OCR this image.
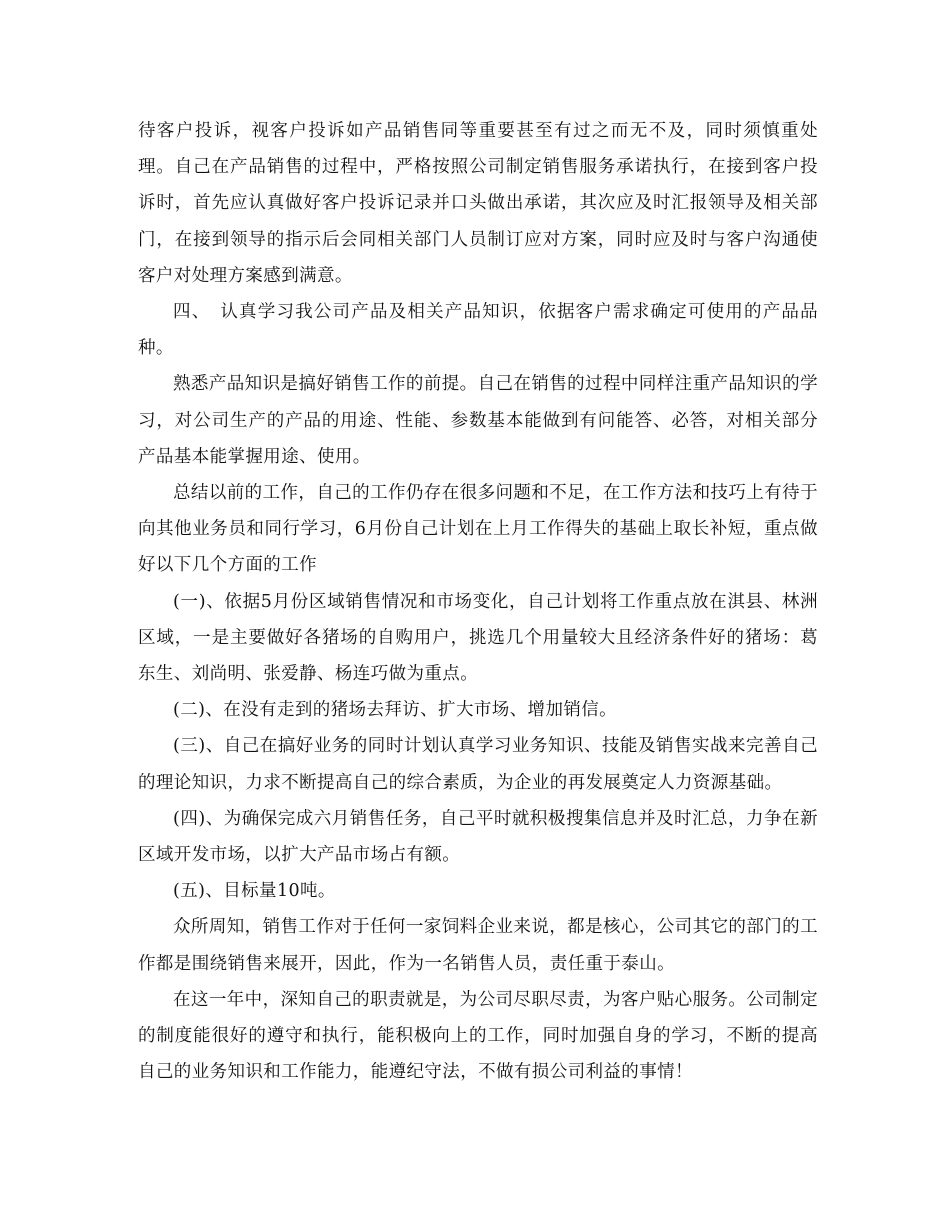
待客户投诉，视客户投诉如产品销售同等重要甚至有过之而无不及，同时须慎重处理。自己在产品销售的过程中，严格按照公司制定销售服务承诺执行，在接到客户投诉时，首先应认真做好客户投诉记录并口头做出承诺，其次应及时汇报领导及相关部门，在接到领导的指示后会同相关部门人员制订应对方案，同时应及时与客户沟通使客户对处理方案感到满意。

四、　认真学习我公司产品及相关产品知识，依据客户需求确定可使用的产品品种。

熟悉产品知识是搞好销售工作的前提。自己在销售的过程中同样注重产品知识的学习，对公司生产的产品的用途、性能、参数基本能做到有问能答、必答，对相关部分产品基本能掌握用途、使用。

总结以前的工作，自己的工作仍存在很多问题和不足，在工作方法和技巧上有待于向其他业务员和同行学习，6月份自己计划在上月工作得失的基础上取长补短，重点做好以下几个方面的工作

(一)、依据5月份区域销售情况和市场变化，自己计划将工作重点放在淇县、林洲区域，一是主要做好各猪场的自购用户，挑选几个用量较大且经济条件好的猪场：葛东生、刘尚明、张爱静、杨连巧做为重点。

(二)、在没有走到的猪场去拜访、扩大市场、增加销信。

(三)、自己在搞好业务的同时计划认真学习业务知识、技能及销售实战来完善自己的理论知识，力求不断提高自己的综合素质，为企业的再发展奠定人力资源基础。

(四)、为确保完成六月销售任务，自己平时就积极搜集信息并及时汇总，力争在新区域开发市场，以扩大产品市场占有额。

(五)、目标量10吨。

众所周知，销售工作对于任何一家饲料企业来说，都是核心，公司其它的部门的工作都是围绕销售来展开，因此，作为一名销售人员，责任重于泰山。

在这一年中，深知自己的职责就是，为公司尽职尽责，为客户贴心服务。公司制定的制度能很好的遵守和执行，能积极向上的工作，同时加强自身的学习，不断的提高自己的业务知识和工作能力，能遵纪守法，不做有损公司利益的事情！
